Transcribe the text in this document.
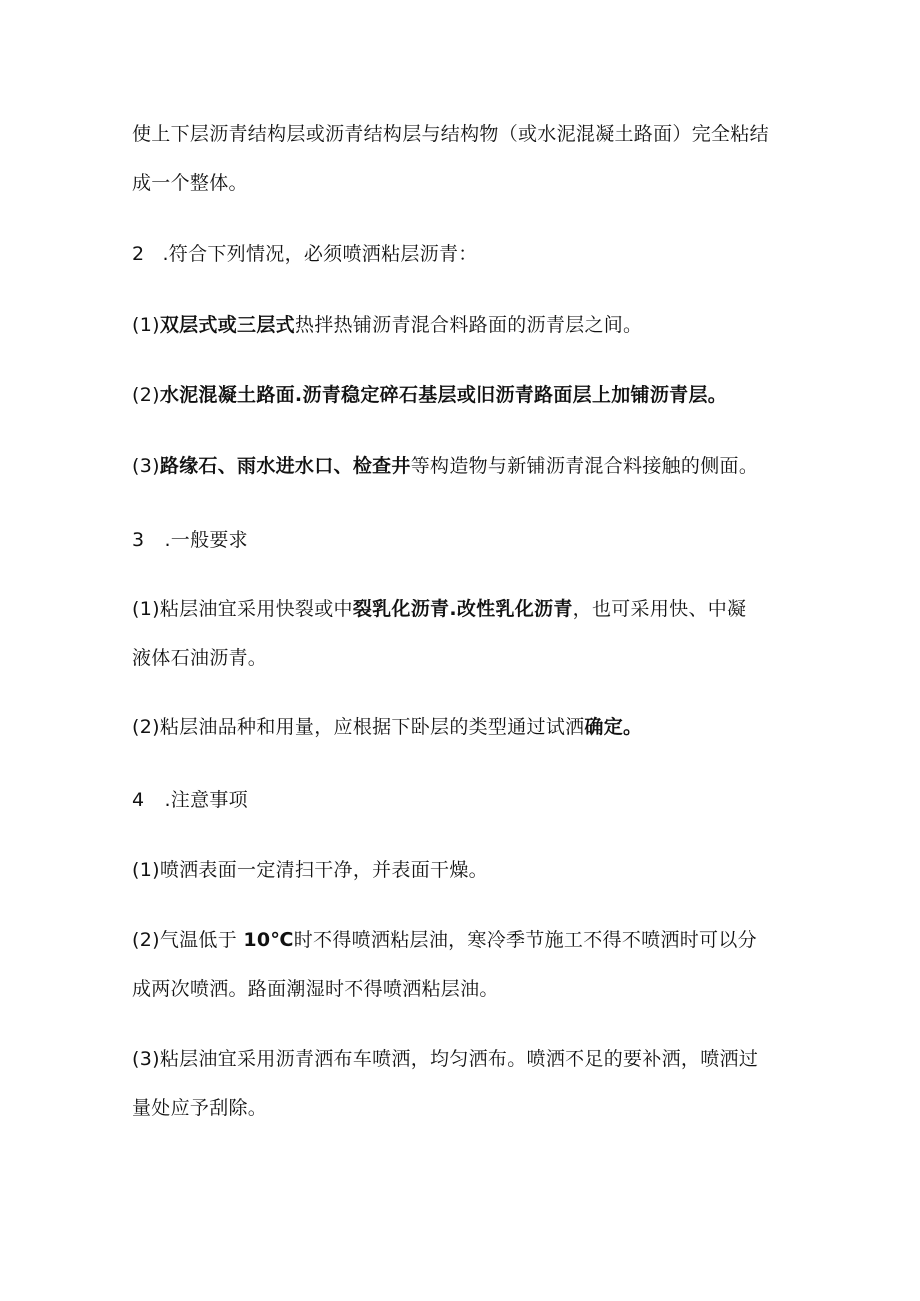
使上下层沥青结构层或沥青结构层与结构物（或水泥混凝土路面）完全粘结
成一个整体。
2 .符合下列情况，必须喷洒粘层沥青：
(1)双层式或三层式热拌热铺沥青混合料路面的沥青层之间。
(2)水泥混凝土路面.沥青稳定碎石基层或旧沥青路面层上加铺沥青层。
(3)路缘石、雨水进水口、检查井等构造物与新铺沥青混合料接触的侧面。
3 .一般要求
(1)粘层油宜采用快裂或中裂乳化沥青.改性乳化沥青，也可采用快、中凝
液体石油沥青。
(2)粘层油品种和用量，应根据下卧层的类型通过试洒确定。
4 .注意事项
(1)喷洒表面一定清扫干净，并表面干燥。
(2)气温低于 10℃时不得喷洒粘层油，寒冷季节施工不得不喷洒时可以分
成两次喷洒。路面潮湿时不得喷洒粘层油。
(3)粘层油宜采用沥青洒布车喷洒，均匀洒布。喷洒不足的要补洒，喷洒过
量处应予刮除。
